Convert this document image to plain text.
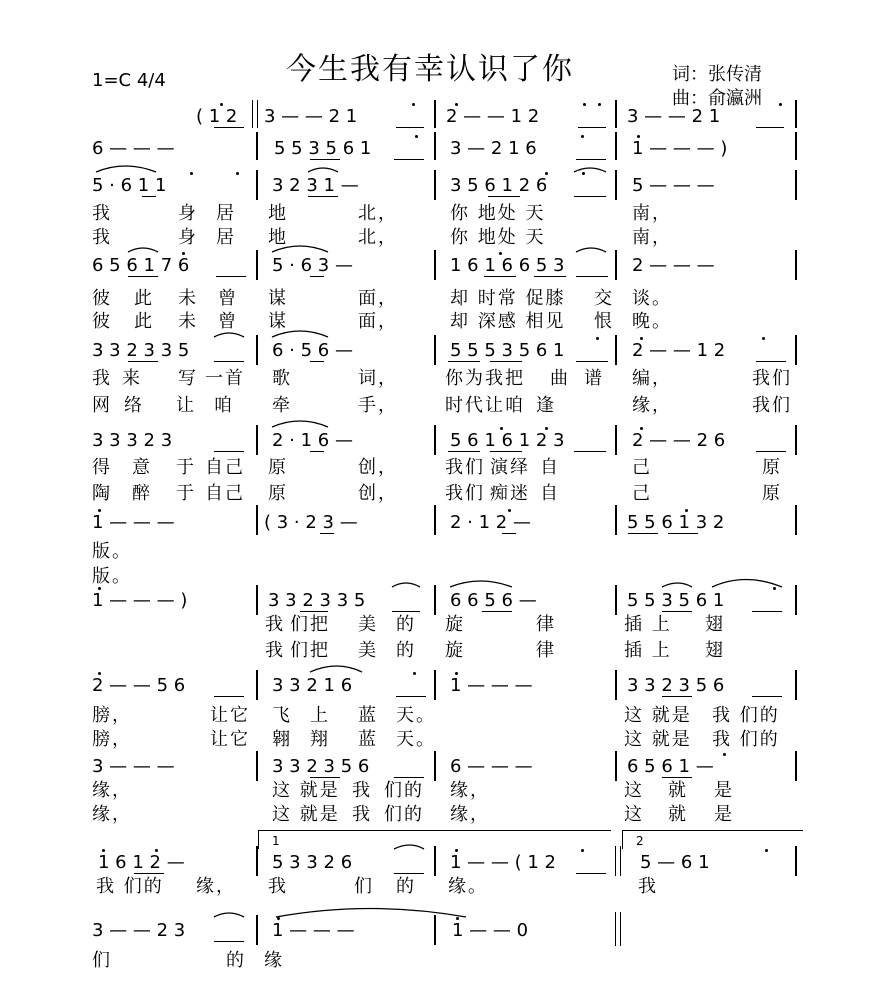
1=C 4/4	今生我有幸认识了你	词：张传清
曲：俞瀛洲
( 1 2 3 — — 2 1	2 — — 1 2	3 — — 2 1
6 — — —	5 5 3 5 6 1	3 — 2 1 6	1 — — — )
5 · 6 1 1	3 2 3 1 —	3 5 6 1 2 6	5 — — —
我	身 居 地	北，	你 地处 天	南，
我	身 居 地	北，	你 地处 天	南，
6 5 6 1 7 6	5 · 6 3 —	1 6 1 6 6 5 3	2 — — —
彼 此 未 曾 谋	面，	却 时常 促膝 交 谈。
彼 此 未 曾 谋	面，	却 深感 相见 恨 晚。
3 3 2 3 3 5	6 · 5 6 —	5 5 5 3 5 6 1	2 — — 1 2
我 来 写 一首 歌	词，	你为我把 曲 谱 编，	我们
网 络 让 咱 牵	手，	时代让咱 逢	缘，	我们
3 3 3 2 3	2 · 1 6 —	5 6 1 6 1 2 3	2 — — 2 6
得 意 于 自己 原	创，	我们 演绎 自	己	原
陶 醉 于 自己 原	创，	我们 痴迷 自	己	原
1 — — —	( 3 · 2 3 —	2 · 1 2 —	5 5 6 1 3 2
版。
版。
1 — — — )	3 3 2 3 3 5	6 6 5 6 —	5 5 3 5 6 1
我 们把 美 的 旋	律	插 上 翅
我 们把 美 的 旋	律	插 上 翅
2 — — 5 6	3 3 2 1 6	1 — — —	3 3 2 3 5 6
膀，	让它 飞 上 蓝 天。	这 就是 我 们的
膀，	让它 翱 翔 蓝 天。	这 就是 我 们的
3 — — —	3 3 2 3 5 6	6 — — —	6 5 6 1 —
缘，	这 就是 我 们的 缘，	这 就 是
缘，	这 就是 我 们的 缘，	这 就 是
1	2
1 6 1 2 —	5 3 3 2 6	1 — — ( 1 2	5 — 6 1
我 们的 缘， 我	们 的 缘。	我
3 — — 2 3	1 — — —	1 — — 0
们	的 缘
